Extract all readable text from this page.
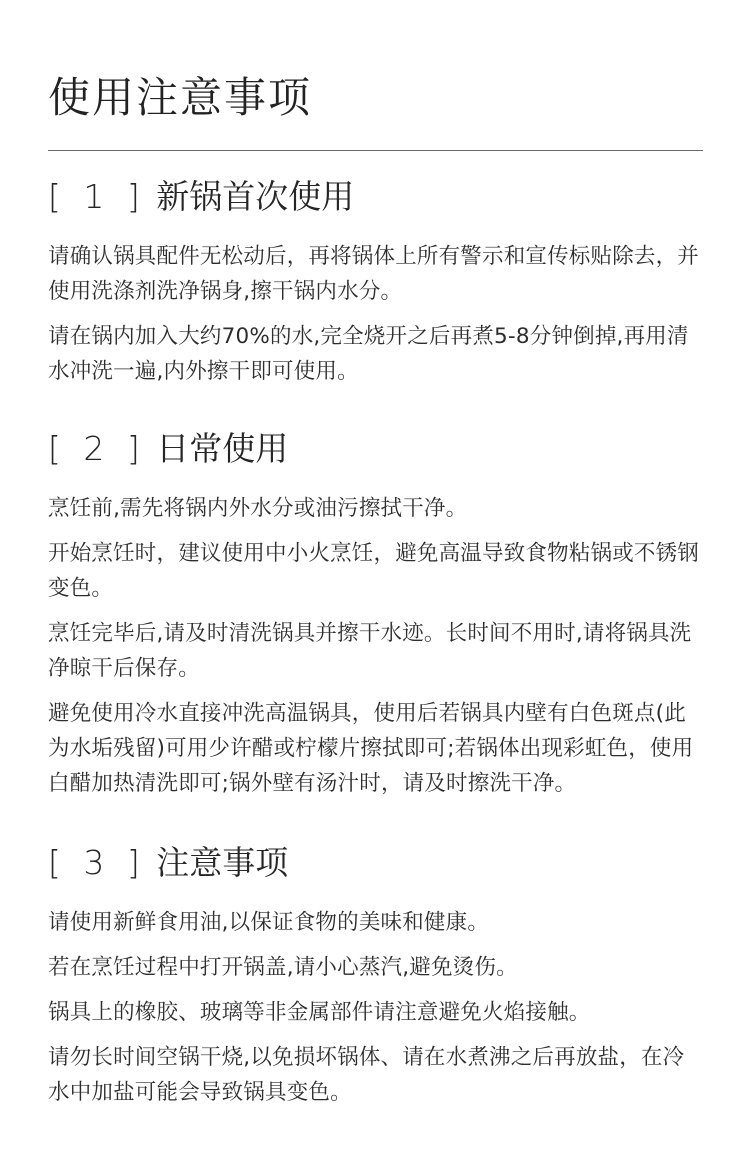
使用注意事项
[ 1 ] 新锅首次使用

请确认锅具配件无松动后，再将锅体上所有警示和宣传标贴除去，并使用洗涤剂洗净锅身,擦干锅内水分。

请在锅内加入大约70%的水,完全烧开之后再煮5-8分钟倒掉,再用清水冲洗一遍,内外擦干即可使用。

[ 2 ] 日常使用

烹饪前,需先将锅内外水分或油污擦拭干净。

开始烹饪时，建议使用中小火烹饪，避免高温导致食物粘锅或不锈钢变色。

烹饪完毕后,请及时清洗锅具并擦干水迹。长时间不用时,请将锅具洗净晾干后保存。

避免使用冷水直接冲洗高温锅具，使用后若锅具内壁有白色斑点(此为水垢残留)可用少许醋或柠檬片擦拭即可;若锅体出现彩虹色，使用白醋加热清洗即可;锅外壁有汤汁时，请及时擦洗干净。

[ 3 ] 注意事项

请使用新鲜食用油,以保证食物的美味和健康。

若在烹饪过程中打开锅盖,请小心蒸汽,避免烫伤。

锅具上的橡胶、玻璃等非金属部件请注意避免火焰接触。

请勿长时间空锅干烧,以免损坏锅体、请在水煮沸之后再放盐，在冷水中加盐可能会导致锅具变色。
